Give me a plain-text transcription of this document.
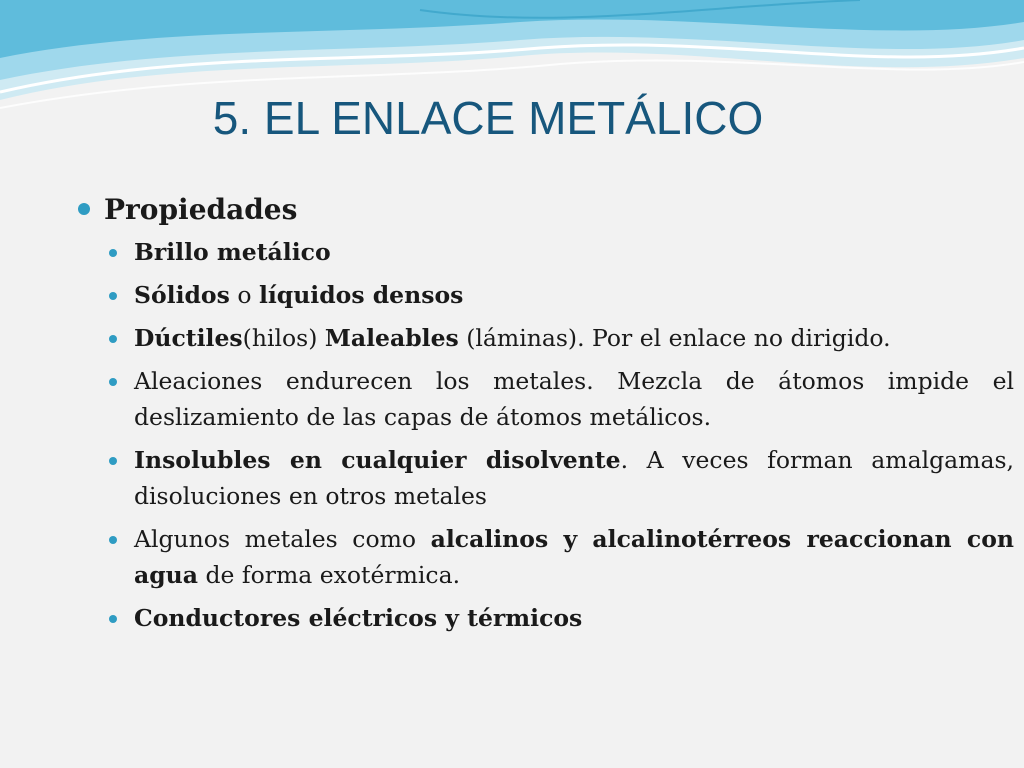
5. EL ENLACE METÁLICO
Propiedades
Brillo metálico
Sólidos o líquidos densos
Dúctiles(hilos) Maleables (láminas). Por el enlace no dirigido.
Aleaciones endurecen los metales. Mezcla de átomos impide el deslizamiento de las capas de átomos metálicos.
Insolubles en cualquier disolvente. A veces forman amalgamas, disoluciones en otros metales
Algunos metales como alcalinos y alcalinotérreos reaccionan con agua de forma exotérmica.
Conductores eléctricos y térmicos
